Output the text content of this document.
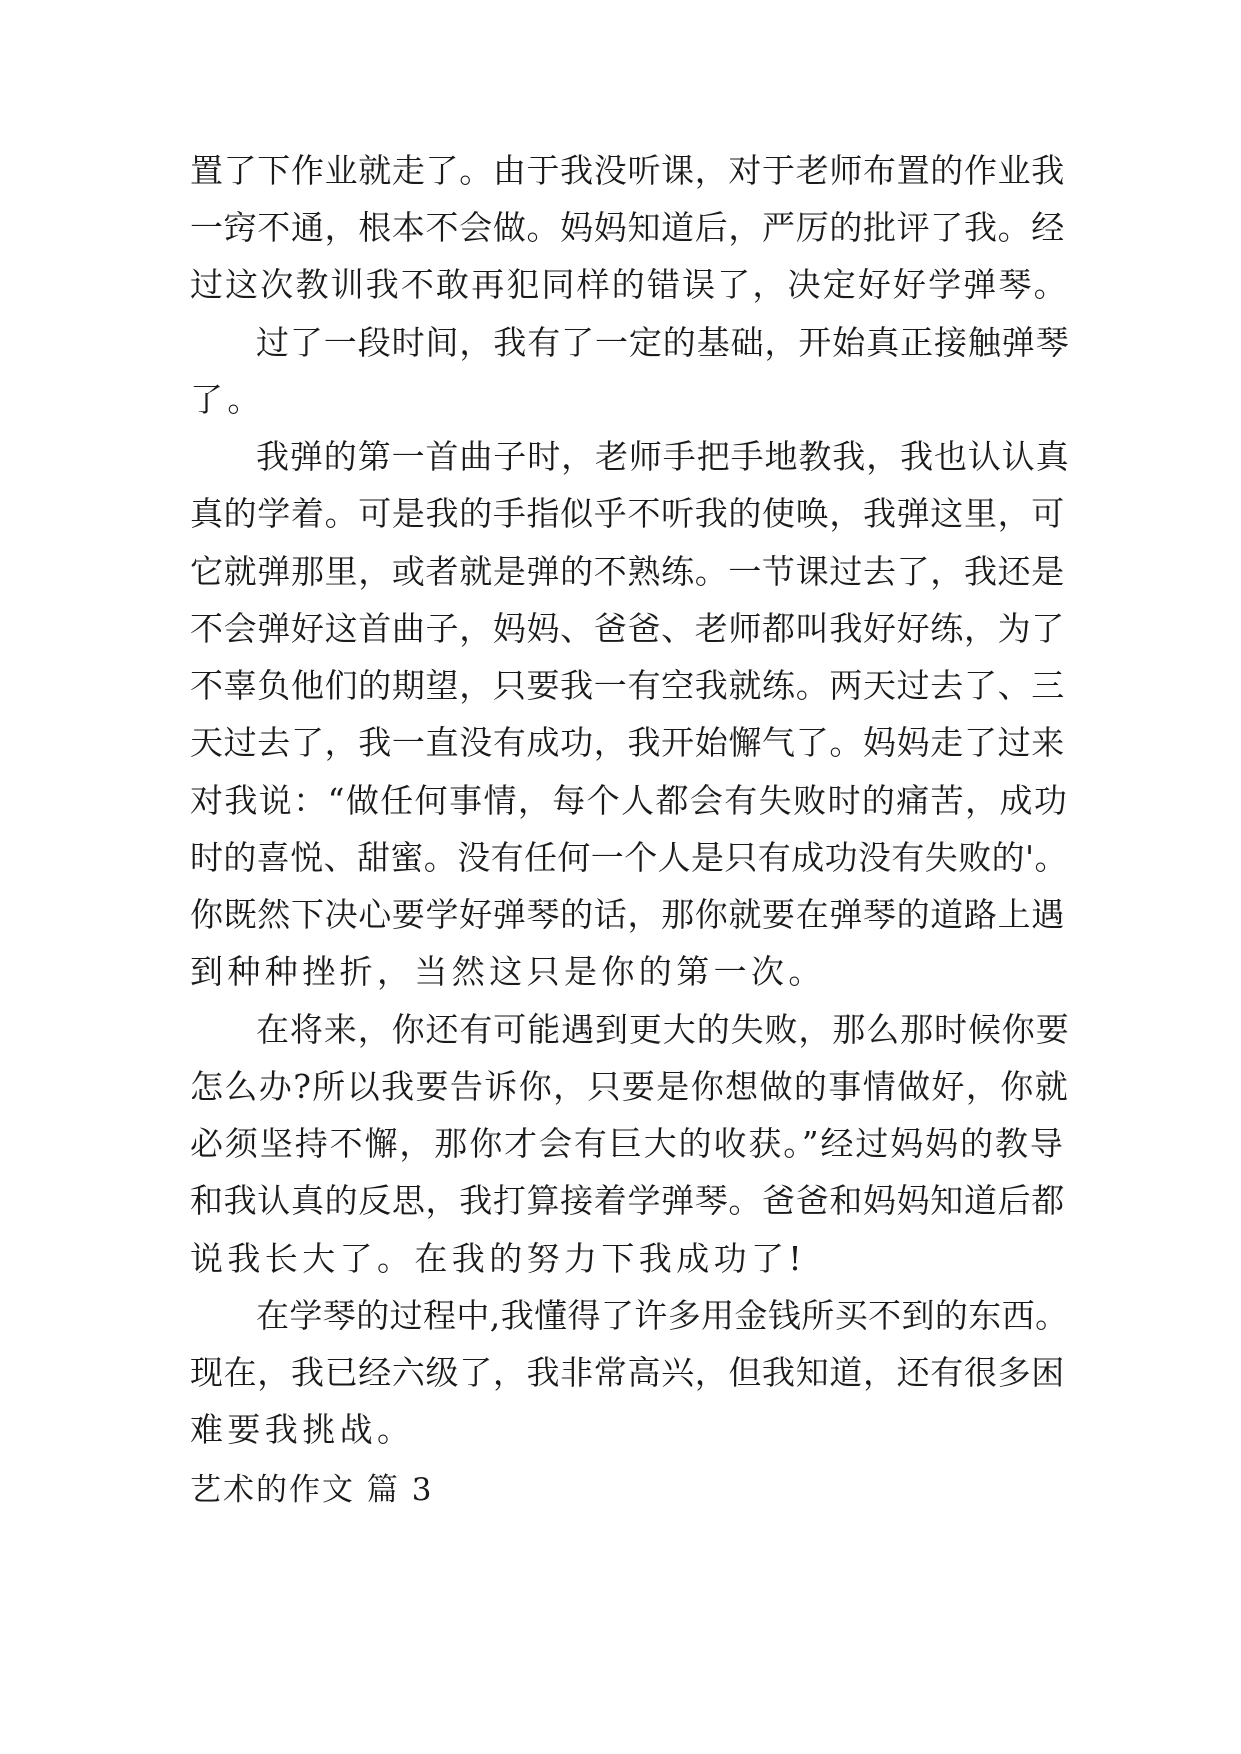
置了下作业就走了。由于我没听课，对于老师布置的作业我
一窍不通，根本不会做。妈妈知道后，严厉的批评了我。经
过这次教训我不敢再犯同样的错误了，决定好好学弹琴。
过了一段时间，我有了一定的基础，开始真正接触弹琴
了。
我弹的第一首曲子时，老师手把手地教我，我也认认真
真的学着。可是我的手指似乎不听我的使唤，我弹这里，可
它就弹那里，或者就是弹的不熟练。一节课过去了，我还是
不会弹好这首曲子，妈妈、爸爸、老师都叫我好好练，为了
不辜负他们的期望，只要我一有空我就练。两天过去了、三
天过去了，我一直没有成功，我开始懈气了。妈妈走了过来
对我说：“做任何事情，每个人都会有失败时的痛苦，成功
时的喜悦、甜蜜。没有任何一个人是只有成功没有失败的'。
你既然下决心要学好弹琴的话，那你就要在弹琴的道路上遇
到种种挫折，当然这只是你的第一次。
在将来，你还有可能遇到更大的失败，那么那时候你要
怎么办?所以我要告诉你，只要是你想做的事情做好，你就
必须坚持不懈，那你才会有巨大的收获。”经过妈妈的教导
和我认真的反思，我打算接着学弹琴。爸爸和妈妈知道后都
说我长大了。在我的努力下我成功了!
在学琴的过程中,我懂得了许多用金钱所买不到的东西。
现在，我已经六级了，我非常高兴，但我知道，还有很多困
难要我挑战。
艺术的作文 篇 3
